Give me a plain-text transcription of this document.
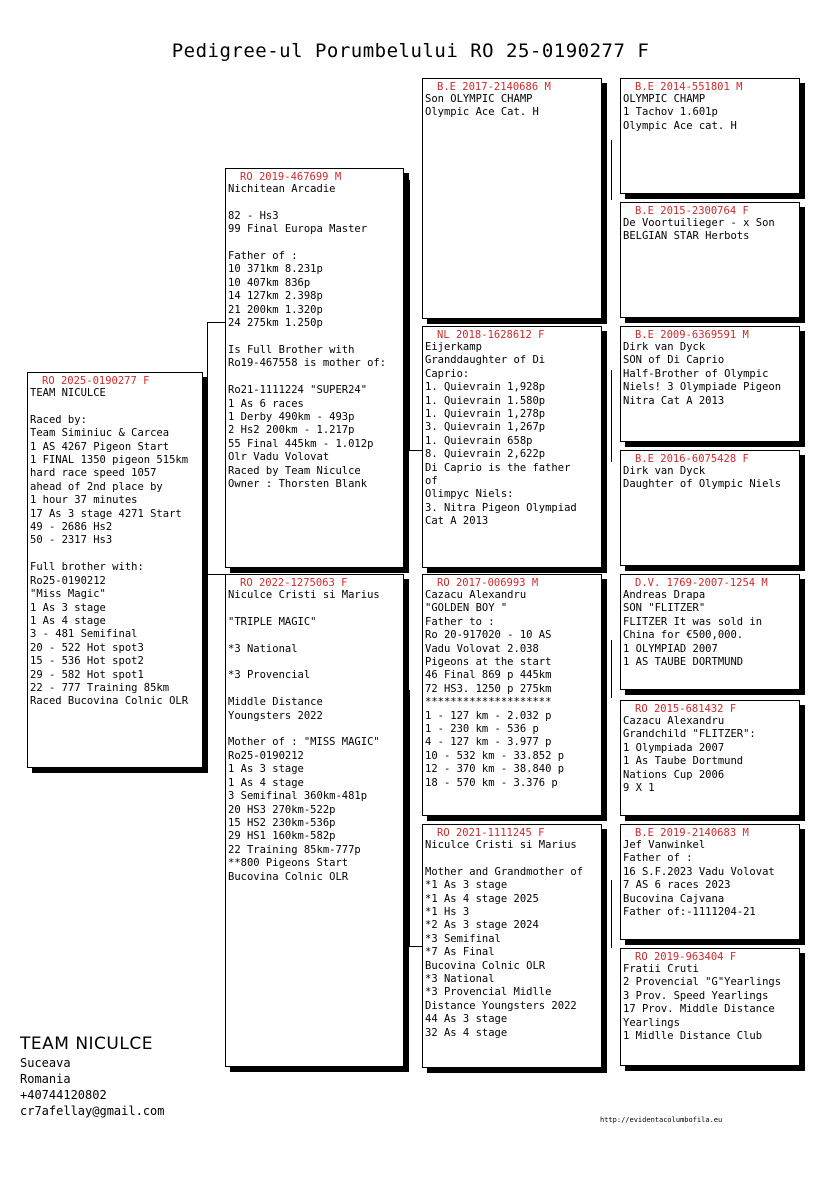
Pedigree-ul Porumbelului RO 25-0190277 F
RO 2025-0190277 F
TEAM NICULCE

Raced by:
Team Siminiuc & Carcea
1 AS 4267 Pigeon Start
1 FINAL 1350 pigeon 515km
hard race speed 1057
ahead of 2nd place by
1 hour 37 minutes
17 As 3 stage 4271 Start
49 - 2686 Hs2
50 - 2317 Hs3

Full brother with:
Ro25-0190212
"Miss Magic"
1 As 3 stage
1 As 4 stage
3 - 481 Semifinal
20 - 522 Hot spot3
15 - 536 Hot spot2
29 - 582 Hot spot1
22 - 777 Training 85km
Raced Bucovina Colnic OLR
RO 2019-467699 M
Nichitean Arcadie

82 - Hs3
99 Final Europa Master

Father of :
10 371km 8.231p
10 407km 836p
14 127km 2.398p
21 200km 1.320p
24 275km 1.250p

Is Full Brother with
Ro19-467558 is mother of:

Ro21-1111224 "SUPER24"
1 As 6 races
1 Derby 490km - 493p
2 Hs2 200km - 1.217p
55 Final 445km - 1.012p
Olr Vadu Volovat
Raced by Team Niculce
Owner : Thorsten Blank
RO 2022-1275063 F
Niculce Cristi si Marius

"TRIPLE MAGIC"

*3 National

*3 Provencial

Middle Distance
Youngsters 2022

Mother of : "MISS MAGIC"
Ro25-0190212
1 As 3 stage
1 As 4 stage
3 Semifinal 360km-481p
20 HS3 270km-522p
15 HS2 230km-536p
29 HS1 160km-582p
22 Training 85km-777p
**800 Pigeons Start
Bucovina Colnic OLR
B.E 2017-2140686 M
Son OLYMPIC CHAMP
Olympic Ace Cat. H
NL 2018-1628612 F
Eijerkamp
Granddaughter of Di
Caprio:
1. Quievrain 1,928p
1. Quievrain 1.580p
1. Quievrain 1,278p
3. Quievrain 1,267p
1. Quievrain 658p
8. Quievrain 2,622p
Di Caprio is the father
of
Olimpyc Niels:
3. Nitra Pigeon Olympiad
Cat A 2013
RO 2017-006993 M
Cazacu Alexandru
"GOLDEN BOY "
Father to :
Ro 20-917020 - 10 AS
Vadu Volovat 2.038
Pigeons at the start
46 Final 869 p 445km
72 HS3. 1250 p 275km
********************
1 - 127 km - 2.032 p
1 - 230 km - 536 p
4 - 127 km - 3.977 p
10 - 532 km - 33.852 p
12 - 370 km - 38.840 p
18 - 570 km - 3.376 p
RO 2021-1111245 F
Niculce Cristi si Marius

Mother and Grandmother of
*1 As 3 stage
*1 As 4 stage 2025
*1 Hs 3
*2 As 3 stage 2024
*3 Semifinal
*7 As Final
Bucovina Colnic OLR
*3 National
*3 Provencial Midlle
Distance Youngsters 2022
44 As 3 stage
32 As 4 stage
B.E 2014-551801 M
OLYMPIC CHAMP
1 Tachov 1.601p
Olympic Ace cat. H
B.E 2015-2300764 F
De Voortuilieger - x Son
BELGIAN STAR Herbots
B.E 2009-6369591 M
Dirk van Dyck
SON of Di Caprio
Half-Brother of Olympic
Niels! 3 Olympiade Pigeon
Nitra Cat A 2013
B.E 2016-6075428 F
Dirk van Dyck
Daughter of Olympic Niels
D.V. 1769-2007-1254 M
Andreas Drapa
SON "FLITZER"
FLITZER It was sold in
China for €500,000.
1 OLYMPIAD 2007
1 AS TAUBE DORTMUND
RO 2015-681432 F
Cazacu Alexandru
Grandchild "FLITZER":
1 Olympiada 2007
1 As Taube Dortmund
Nations Cup 2006
9 X 1
B.E 2019-2140683 M
Jef Vanwinkel
Father of :
16 S.F.2023 Vadu Volovat
7 AS 6 races 2023
Bucovina Cajvana
Father of:-1111204-21
RO 2019-963404 F
Fratii Cruti
2 Provencial "G"Yearlings
3 Prov. Speed Yearlings
17 Prov. Middle Distance
Yearlings
1 Midlle Distance Club
TEAM NICULCE
Suceava
Romania
+40744120802
cr7afellay@gmail.com
http://evidentacolumbofila.eu
